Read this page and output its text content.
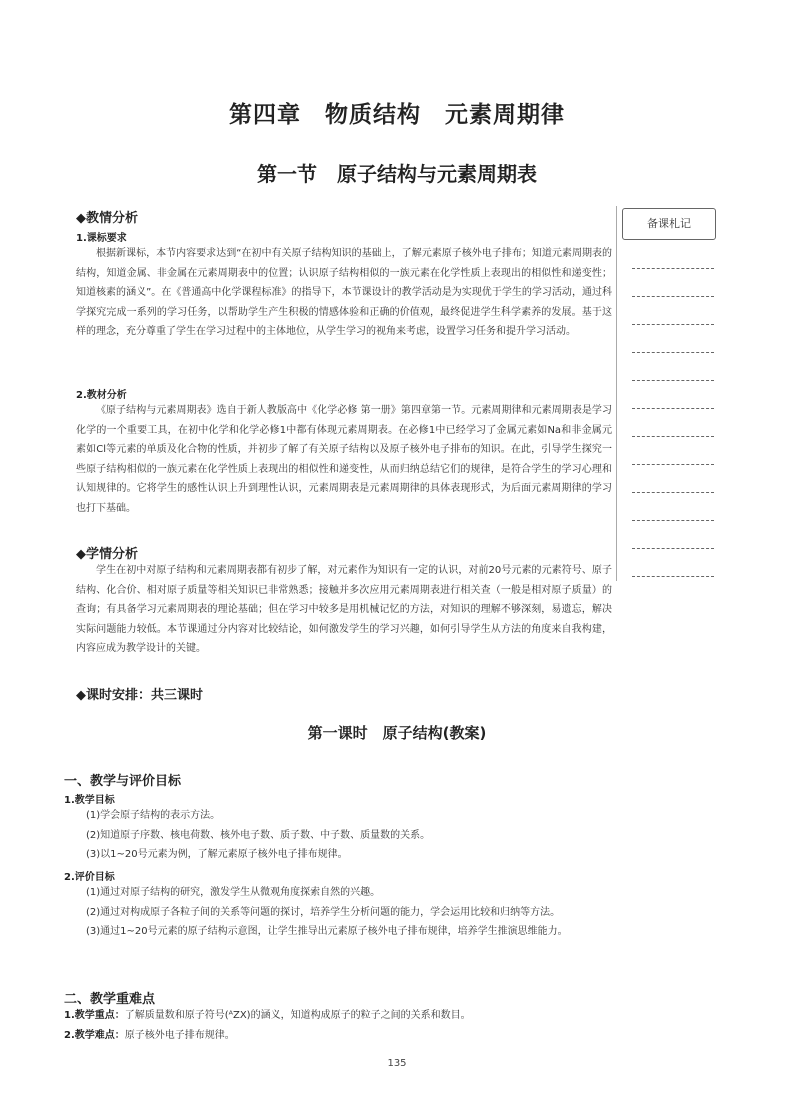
第四章　物质结构　元素周期律
第一节　原子结构与元素周期表
备课札记
◆教情分析
1.课标要求
根据新课标，本节内容要求达到“在初中有关原子结构知识的基础上，了解元素原子核外电子排布；知道元素周期表的结构，知道金属、非金属在元素周期表中的位置；认识原子结构相似的一族元素在化学性质上表现出的相似性和递变性；知道核素的涵义”。在《普通高中化学课程标准》的指导下，本节课设计的教学活动是为实现优于学生的学习活动，通过科学探究完成一系列的学习任务，以帮助学生产生积极的情感体验和正确的价值观，最终促进学生科学素养的发展。基于这样的理念，充分尊重了学生在学习过程中的主体地位，从学生学习的视角来考虑，设置学习任务和提升学习活动。
2.教材分析
《原子结构与元素周期表》选自于新人教版高中《化学必修 第一册》第四章第一节。元素周期律和元素周期表是学习化学的一个重要工具，在初中化学和化学必修1中都有体现元素周期表。在必修1中已经学习了金属元素如Na和非金属元素如Cl等元素的单质及化合物的性质，并初步了解了有关原子结构以及原子核外电子排布的知识。在此，引导学生探究一些原子结构相似的一族元素在化学性质上表现出的相似性和递变性，从而归纳总结它们的规律，是符合学生的学习心理和认知规律的。它将学生的感性认识上升到理性认识，元素周期表是元素周期律的具体表现形式，为后面元素周期律的学习也打下基础。
◆学情分析
学生在初中对原子结构和元素周期表都有初步了解，对元素作为知识有一定的认识，对前20号元素的元素符号、原子结构、化合价、相对原子质量等相关知识已非常熟悉；接触并多次应用元素周期表进行相关查（一般是相对原子质量）的查询；有具备学习元素周期表的理论基础；但在学习中较多是用机械记忆的方法，对知识的理解不够深刻，易遗忘，解决实际问题能力较低。本节课通过分内容对比较结论，如何激发学生的学习兴趣，如何引导学生从方法的角度来自我构建，内容应成为教学设计的关键。
◆课时安排：共三课时
第一课时　原子结构(教案)
一、教学与评价目标
1.教学目标
(1)学会原子结构的表示方法。
(2)知道原子序数、核电荷数、核外电子数、质子数、中子数、质量数的关系。
(3)以1~20号元素为例，了解元素原子核外电子排布规律。
2.评价目标
(1)通过对原子结构的研究，激发学生从微观角度探索自然的兴趣。
(2)通过对构成原子各粒子间的关系等问题的探讨，培养学生分析问题的能力，学会运用比较和归纳等方法。
(3)通过1~20号元素的原子结构示意图，让学生推导出元素原子核外电子排布规律，培养学生推演思维能力。
二、教学重难点
1.教学重点：了解质量数和原子符号(ᴬZX)的涵义，知道构成原子的粒子之间的关系和数目。
2.教学难点：原子核外电子排布规律。
135
